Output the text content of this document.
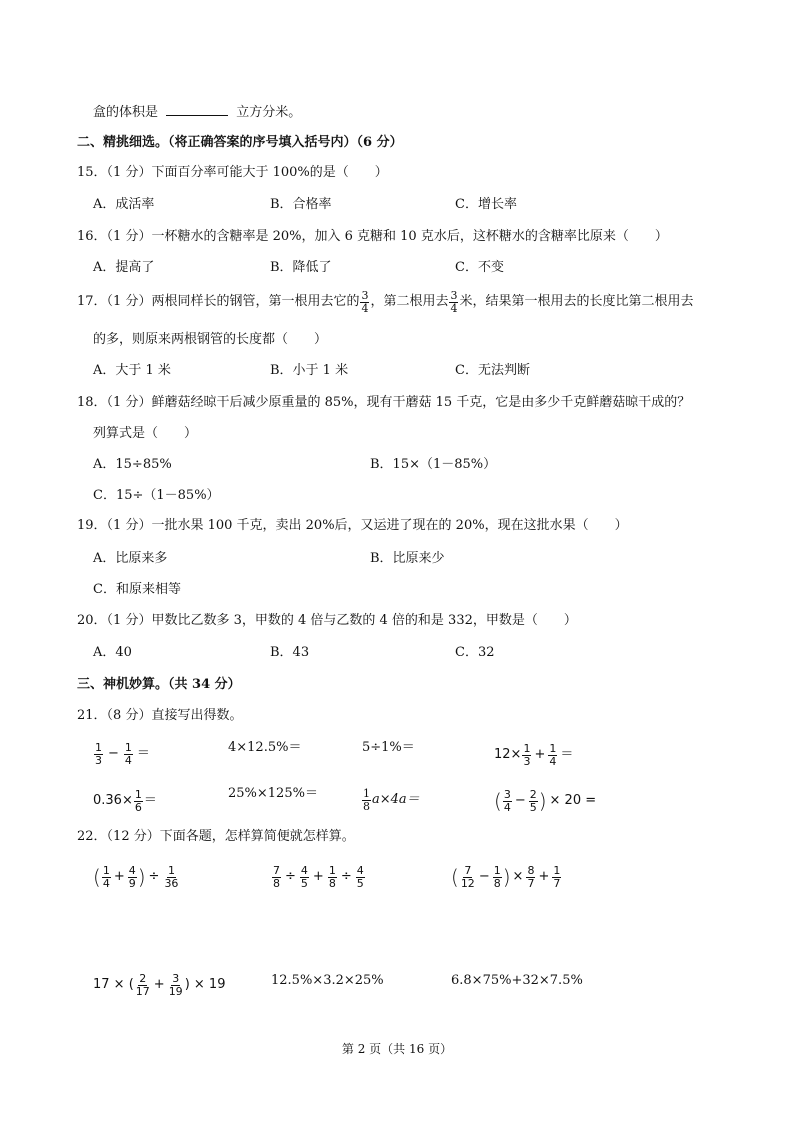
盒的体积是	立方分米。
二、精挑细选。（将正确答案的序号填入括号内）（6 分）
15．（1 分）下面百分率可能大于 100%的是（　　）
A．成活率	B．合格率	C．增长率
16．（1 分）一杯糖水的含糖率是 20%，加入 6 克糖和 10 克水后，这杯糖水的含糖率比原来（　　）
A．提高了	B．降低了	C．不变
17．（1 分）两根同样长的钢管，第一根用去它的 $\frac{3}{4}$ ，第二根用去 $\frac{3}{4}$ 米，结果第一根用去的长度比第二根用去
的多，则原来两根钢管的长度都（　　）
A．大于 1 米	B．小于 1 米	C．无法判断
18．（1 分）鲜蘑菇经晾干后减少原重量的 85%，现有干蘑菇 15 千克，它是由多少千克鲜蘑菇晾干成的？
列算式是（　　）
A．15÷85%	B．15×（1－85%）
C．15÷（1－85%）
19．（1 分）一批水果 100 千克，卖出 20%后，又运进了现在的 20%，现在这批水果（　　）
A．比原来多	B．比原来少
C．和原来相等
20．（1 分）甲数比乙数多 3，甲数的 4 倍与乙数的 4 倍的和是 332，甲数是（　　）
A．40	B．43	C．32
三、神机妙算。（共 34 分）
21．（8 分）直接写出得数。
$\frac{1}{3} - \frac{1}{4}$ ＝	4×12.5%＝	5÷1%＝	$12\times \frac{1}{3} + \frac{1}{4}$ ＝
$0.36\times \frac{1}{6}$ ＝	25%×125%＝	$\frac{1}{8} a\times 4a=$	( $\frac{3}{4} - \frac{2}{5}$ ) × 20 =
22．（12 分）下面各题，怎样算简便就怎样算。
( $\frac{1}{4} + \frac{4}{9}$ ) ÷ $\frac{1}{36}$	$\frac{7}{8} \div \frac{4}{5} + \frac{1}{8} \div \frac{4}{5}$	( $\frac{7}{12} - \frac{1}{8}$ ) × $\frac{8}{7} + \frac{1}{7}$
17 × ( $\frac{2}{17} + \frac{3}{19}$ ) × 19	12.5%×3.2×25%	6.8×75%+32×7.5%
第 2 页（共 16 页）
